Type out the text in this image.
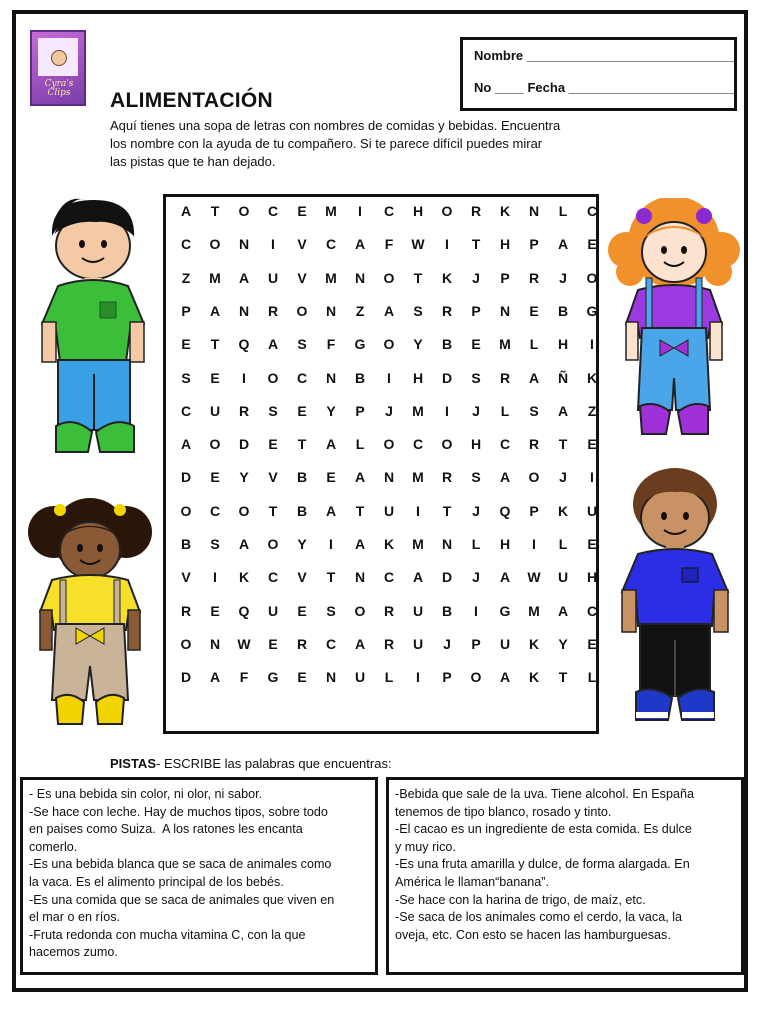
Cyra's
Clips
Nombre _____________________________
No ____ Fecha _______________________
ALIMENTACIÓN
Aquí tienes una sopa de letras con nombres de comidas y bebidas. Encuentra
los nombre con la ayuda de tu compañero. Si te parece difícil puedes mirar
las pistas que te han dejado.
A	T	O	C	E	M	I	C	H	O	R	K	N	L	C
C	O	N	I	V	C	A	F	W	I	T	H	P	A	E
Z	M	A	U	V	M	N	O	T	K	J	P	R	J	O
P	A	N	R	O	N	Z	A	S	R	P	N	E	B	G
E	T	Q	A	S	F	G	O	Y	B	E	M	L	H	I
S	E	I	O	C	N	B	I	H	D	S	R	A	Ñ	K
C	U	R	S	E	Y	P	J	M	I	J	L	S	A	Z
A	O	D	E	T	A	L	O	C	O	H	C	R	T	E
D	E	Y	V	B	E	A	N	M	R	S	A	O	J	I
O	C	O	T	B	A	T	U	I	T	J	Q	P	K	U
B	S	A	O	Y	I	A	K	M	N	L	H	I	L	E
V	I	K	C	V	T	N	C	A	D	J	A	W	U	H
R	E	Q	U	E	S	O	R	U	B	I	G	M	A	C
O	N	W	E	R	C	A	R	U	J	P	U	K	Y	E
D	A	F	G	E	N	U	L	I	P	O	A	K	T	L
PISTAS- ESCRIBE las palabras que encuentras:
- Es una bebida sin color, ni olor, ni sabor.
-Se hace con leche. Hay de muchos tipos, sobre todo
en paises como Suiza.  A los ratones les encanta
comerlo.
-Es una bebida blanca que se saca de animales como
la vaca. Es el alimento principal de los bebés.
-Es una comida que se saca de animales que viven en
el mar o en ríos.
-Fruta redonda con mucha vitamina C, con la que
hacemos zumo.
-Bebida que sale de la uva. Tiene alcohol. En España
tenemos de tipo blanco, rosado y tinto.
-El cacao es un ingrediente de esta comida. Es dulce
y muy rico.
-Es una fruta amarilla y dulce, de forma alargada. En
América le llaman“banana”.
-Se hace con la harina de trigo, de maíz, etc.
-Se saca de los animales como el cerdo, la vaca, la
oveja, etc. Con esto se hacen las hamburguesas.
